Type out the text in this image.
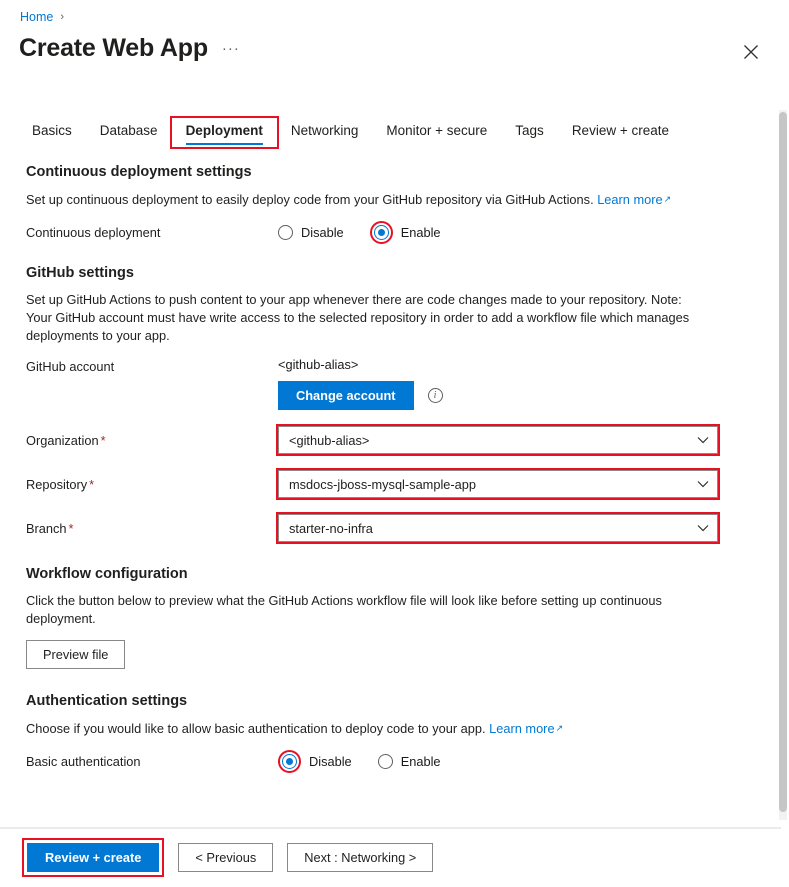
Home ›
Create Web App ···
Basics	Database	Deployment	Networking	Monitor + secure	Tags	Review + create
Continuous deployment settings

Set up continuous deployment to easily deploy code from your GitHub repository via GitHub Actions. Learn more↗

Continuous deployment	Disable	Enable
GitHub settings

Set up GitHub Actions to push content to your app whenever there are code changes made to your repository. Note: Your GitHub account must have write access to the selected repository in order to add a workflow file which manages deployments to your app.

GitHub account	<github-alias>
Change account	i
Organization *	<github-alias>
Repository *	msdocs-jboss-mysql-sample-app
Branch *	starter-no-infra
Workflow configuration

Click the button below to preview what the GitHub Actions workflow file will look like before setting up continuous deployment.

Preview file
Authentication settings

Choose if you would like to allow basic authentication to deploy code to your app. Learn more↗

Basic authentication	Disable	Enable
Review + create	< Previous	Next : Networking >
